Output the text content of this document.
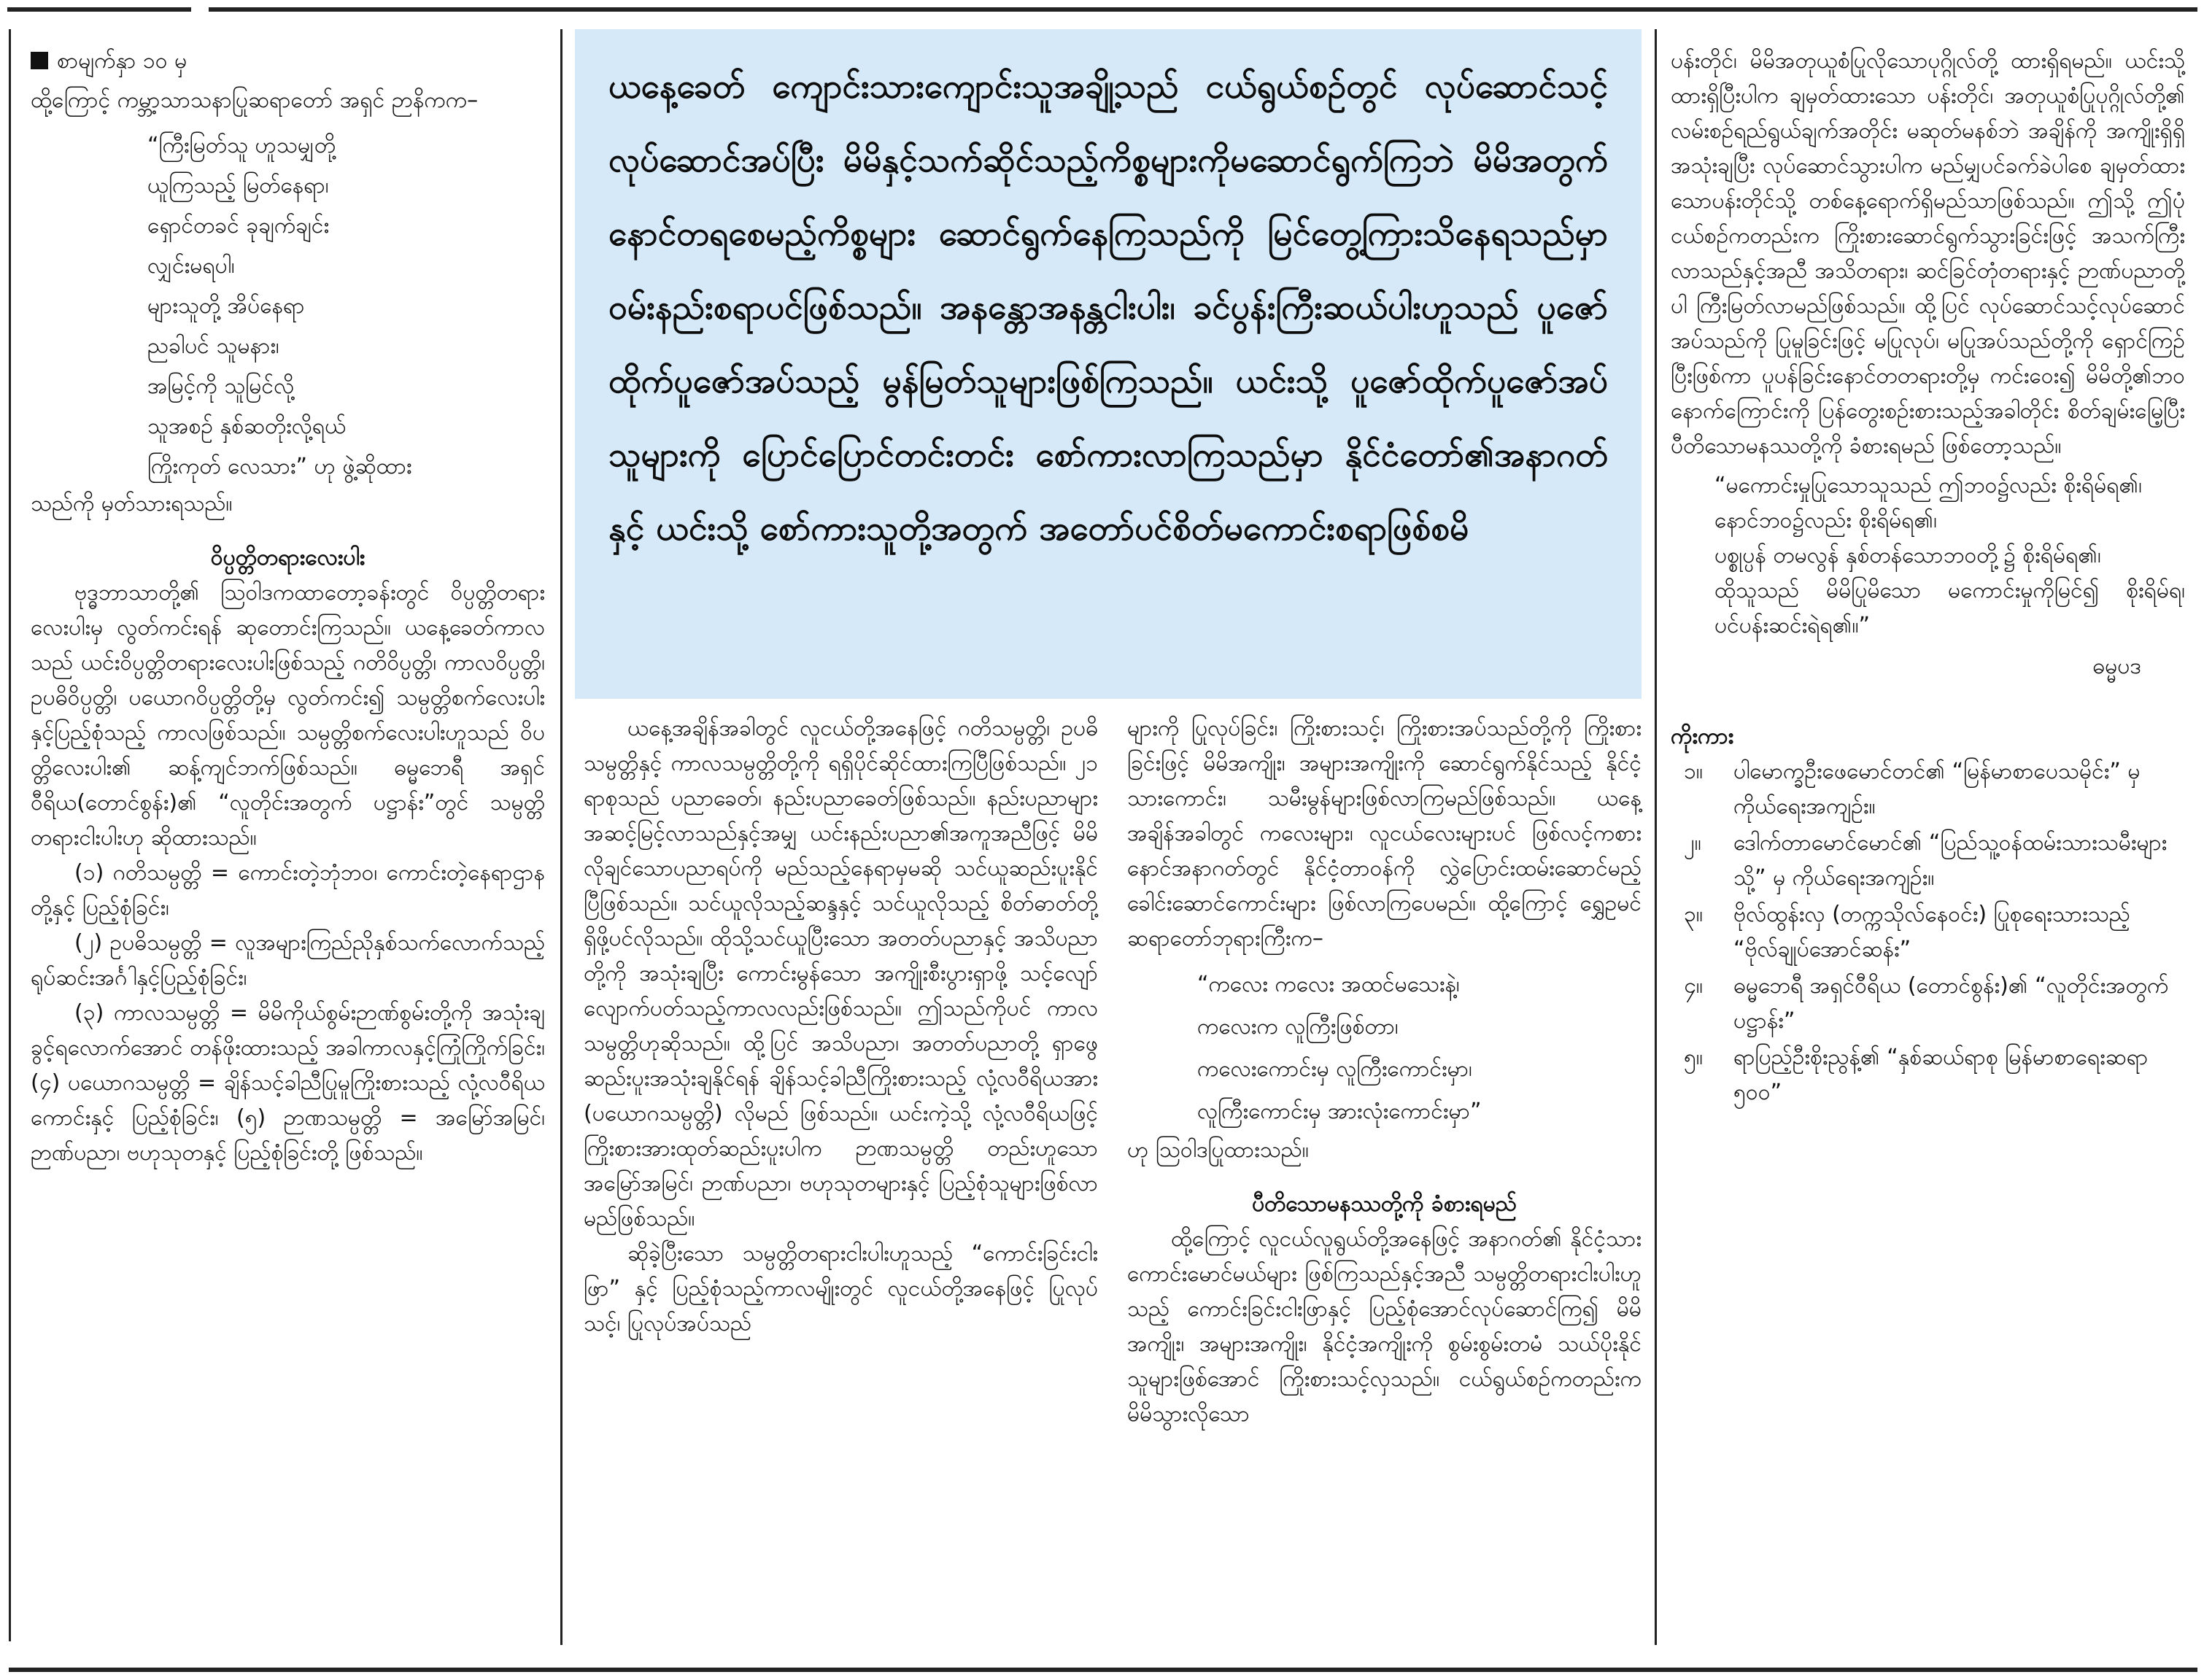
စာမျက်နှာ ၁၀ မှ

ထို့ကြောင့် ကမ္ဘာ့သာသနာပြုဆရာတော် အရှင် ဉာနိကက–

“ကြီးမြတ်သူ ဟူသမျှတို့

ယူကြသည့် မြတ်နေရာ၊

ရှောင်တခင် ခုချက်ချင်း

လျှင်းမရပါ၊

များသူတို့ အိပ်နေရာ

ညခါပင် သူမနား၊

အမြင့်ကို သူမြင်လို့

သူအစဉ် နှစ်ဆတိုးလို့ရယ်

ကြိုးကုတ် လေသား” ဟု ဖွဲ့ဆိုထား

သည်ကို မှတ်သားရသည်။

ဝိပ္ပတ္တိတရားလေးပါး

ဗုဒ္ဓဘာသာတို့၏ ဩဝါဒကထာတော့ခန်းတွင် ဝိပ္ပတ္တိတရားလေးပါးမှ လွတ်ကင်းရန် ဆုတောင်းကြသည်။ ယနေ့ခေတ်ကာလသည် ယင်းဝိပ္ပတ္တိတရားလေးပါးဖြစ်သည့် ဂတိဝိပ္ပတ္တိ၊ ကာလဝိပ္ပတ္တိ၊ ဥပဓိဝိပ္ပတ္တိ၊ ပယောဂဝိပ္ပတ္တိတို့မှ လွတ်ကင်း၍ သမ္ပတ္တိစက်လေးပါးနှင့်ပြည့်စုံသည့် ကာလဖြစ်သည်။ သမ္ပတ္တိစက်လေးပါးဟူသည် ဝိပတ္တိလေးပါး၏ ဆန့်ကျင်ဘက်ဖြစ်သည်။ ဓမ္မဘေရီ အရှင်ဝီရိယ(တောင်စွန်း)၏ “လူတိုင်းအတွက် ပဋ္ဌာန်း”တွင် သမ္ပတ္တိတရားငါးပါးဟု ဆိုထားသည်။

(၁) ဂတိသမ္ပတ္တိ = ကောင်းတဲ့ဘုံဘဝ၊ ကောင်းတဲ့နေရာဌာနတို့နှင့် ပြည့်စုံခြင်း၊

(၂) ဥပဓိသမ္ပတ္တိ = လူအများကြည်ညိုနှစ်သက်လောက်သည့် ရုပ်ဆင်းအင်္ဂါနှင့်ပြည့်စုံခြင်း၊

(၃) ကာလသမ္ပတ္တိ = မိမိကိုယ်စွမ်းဉာဏ်စွမ်းတို့ကို အသုံးချခွင့်ရလောက်အောင် တန်ဖိုးထားသည့် အခါကာလနှင့်ကြုံကြိုက်ခြင်း၊ (၄) ပယောဂသမ္ပတ္တိ = ချိန်သင့်ခါညီပြုမူကြိုးစားသည့် လုံ့လဝီရိယ ကောင်းနှင့် ပြည့်စုံခြင်း၊ (၅) ဉာဏသမ္ပတ္တိ = အမြော်အမြင်၊ ဉာဏ်ပညာ၊ ဗဟုသုတနှင့် ပြည့်စုံခြင်းတို့ ဖြစ်သည်။

ယနေ့ခေတ် ကျောင်းသားကျောင်းသူအချို့သည် ငယ်ရွယ်စဉ်တွင် လုပ်ဆောင်သင့်လုပ်ဆောင်အပ်ပြီး မိမိနှင့်သက်ဆိုင်သည့်ကိစ္စများကိုမဆောင်ရွက်ကြဘဲ မိမိအတွက် နောင်တရစေမည့်ကိစ္စများ ဆောင်ရွက်နေကြသည်ကို မြင်တွေ့ကြားသိနေရသည်မှာ ဝမ်းနည်းစရာပင်ဖြစ်သည်။ အနန္တောအနန္တငါးပါး၊ ခင်ပွန်းကြီးဆယ်ပါးဟူသည် ပူဇော်ထိုက်ပူဇော်အပ်သည့် မွန်မြတ်သူများဖြစ်ကြသည်။ ယင်းသို့ ပူဇော်ထိုက်ပူဇော်အပ်သူများကို ပြောင်ပြောင်တင်းတင်း စော်ကားလာကြသည်မှာ နိုင်ငံတော်၏အနာဂတ်နှင့် ယင်းသို့ စော်ကားသူတို့အတွက် အတော်ပင်စိတ်မကောင်းစရာဖြစ်စမိ

ယနေ့အချိန်အခါတွင် လူငယ်တို့အနေဖြင့် ဂတိသမ္ပတ္တိ၊ ဥပဓိသမ္ပတ္တိနှင့် ကာလသမ္ပတ္တိတို့ကို ရရှိပိုင်ဆိုင်ထားကြပြီဖြစ်သည်။ ၂၁ ရာစုသည် ပညာခေတ်၊ နည်းပညာခေတ်ဖြစ်သည်။ နည်းပညာများ အဆင့်မြင့်လာသည်နှင့်အမျှ ယင်းနည်းပညာ၏အကူအညီဖြင့် မိမိလိုချင်သောပညာရပ်ကို မည်သည့်နေရာမှမဆို သင်ယူဆည်းပူးနိုင်ပြီဖြစ်သည်။ သင်ယူလိုသည့်ဆန္ဒနှင့် သင်ယူလိုသည့် စိတ်ဓာတ်တို့ရှိဖို့ပင်လိုသည်။ ထိုသို့သင်ယူပြီးသော အတတ်ပညာနှင့် အသိပညာတို့ကို အသုံးချပြီး ကောင်းမွန်သော အကျိုးစီးပွားရှာဖို့ သင့်လျော်လျောက်ပတ်သည့်ကာလလည်းဖြစ်သည်။ ဤသည်ကိုပင် ကာလသမ္ပတ္တိဟုဆိုသည်။ ထို့ပြင် အသိပညာ၊ အတတ်ပညာတို့ ရှာဖွေဆည်းပူးအသုံးချနိုင်ရန် ချိန်သင့်ခါညီကြိုးစားသည့် လုံ့လဝီရိယအား (ပယောဂသမ္ပတ္တိ) လိုမည် ဖြစ်သည်။ ယင်းကဲ့သို့ လုံ့လဝီရိယဖြင့် ကြိုးစားအားထုတ်ဆည်းပူးပါက ဉာဏသမ္ပတ္တိ တည်းဟူသော အမြော်အမြင်၊ ဉာဏ်ပညာ၊ ဗဟုသုတများနှင့် ပြည့်စုံသူများဖြစ်လာမည်ဖြစ်သည်။

ဆိုခဲ့ပြီးသော သမ္ပတ္တိတရားငါးပါးဟူသည့် “ကောင်းခြင်းငါးဖြာ” နှင့် ပြည့်စုံသည့်ကာလမျိုးတွင် လူငယ်တို့အနေဖြင့် ပြုလုပ်သင့်၊ ပြုလုပ်အပ်သည်

များကို ပြုလုပ်ခြင်း၊ ကြိုးစားသင့်၊ ကြိုးစားအပ်သည်တို့ကို ကြိုးစားခြင်းဖြင့် မိမိအကျိုး၊ အများအကျိုးကို ဆောင်ရွက်နိုင်သည့် နိုင်ငံ့သားကောင်း၊ သမီးမွန်များဖြစ်လာကြမည်ဖြစ်သည်။ ယနေ့အချိန်အခါတွင် ကလေးများ၊ လူငယ်လေးများပင် ဖြစ်လင့်ကစား နောင်အနာဂတ်တွင် နိုင်ငံ့တာဝန်ကို လွှဲပြောင်းထမ်းဆောင်မည့် ခေါင်းဆောင်ကောင်းများ ဖြစ်လာကြပေမည်။ ထို့ကြောင့် ရွှေဥမင်ဆရာတော်ဘုရားကြီးက–

“ကလေး ကလေး အထင်မသေးနဲ့၊

ကလေးက လူကြီးဖြစ်တာ၊

ကလေးကောင်းမှ လူကြီးကောင်းမှာ၊

လူကြီးကောင်းမှ အားလုံးကောင်းမှာ”

ဟု ဩဝါဒပြုထားသည်။

ပီတိသောမနဿတို့ကို ခံစားရမည်

ထို့ကြောင့် လူငယ်လူရွယ်တို့အနေဖြင့် အနာဂတ်၏ နိုင်ငံ့သားကောင်းမောင်မယ်များ ဖြစ်ကြသည်နှင့်အညီ သမ္ပတ္တိတရားငါးပါးဟူသည့် ကောင်းခြင်းငါးဖြာနှင့် ပြည့်စုံအောင်လုပ်ဆောင်ကြ၍ မိမိအကျိုး၊ အများအကျိုး၊ နိုင်ငံ့အကျိုးကို စွမ်းစွမ်းတမံ သယ်ပိုးနိုင်သူများဖြစ်အောင် ကြိုးစားသင့်လှသည်။ ငယ်ရွယ်စဉ်ကတည်းက မိမိသွားလိုသော

ပန်းတိုင်၊ မိမိအတုယူစံပြုလိုသောပုဂ္ဂိုလ်တို့ ထားရှိရမည်။ ယင်းသို့ထားရှိပြီးပါက ချမှတ်ထားသော ပန်းတိုင်၊ အတုယူစံပြုပုဂ္ဂိုလ်တို့၏ လမ်းစဉ်ရည်ရွယ်ချက်အတိုင်း မဆုတ်မနစ်ဘဲ အချိန်ကို အကျိုးရှိရှိအသုံးချပြီး လုပ်ဆောင်သွားပါက မည်မျှပင်ခက်ခဲပါစေ ချမှတ်ထားသောပန်းတိုင်သို့ တစ်နေ့ရောက်ရှိမည်သာဖြစ်သည်။ ဤသို့ ဤပုံ ငယ်စဉ်ကတည်းက ကြိုးစားဆောင်ရွက်သွားခြင်းဖြင့် အသက်ကြီးလာသည်နှင့်အညီ အသိတရား၊ ဆင်ခြင်တုံတရားနှင့် ဉာဏ်ပညာတို့ပါ ကြီးမြတ်လာမည်ဖြစ်သည်။ ထို့ပြင် လုပ်ဆောင်သင့်လုပ်ဆောင်အပ်သည်ကို ပြုမူခြင်းဖြင့် မပြုလုပ်၊ မပြုအပ်သည်တို့ကို ရှောင်ကြဉ်ပြီးဖြစ်ကာ ပူပန်ခြင်းနောင်တတရားတို့မှ ကင်းဝေး၍ မိမိတို့၏ဘဝနောက်ကြောင်းကို ပြန်တွေးစဉ်းစားသည့်အခါတိုင်း စိတ်ချမ်းမြေ့ပြီး ပီတိသောမနဿတို့ကို ခံစားရမည် ဖြစ်တော့သည်။

“မကောင်းမှုပြုသောသူသည် ဤဘဝ၌လည်း စိုးရိမ်ရ၏၊

နောင်ဘဝ၌လည်း စိုးရိမ်ရ၏၊

ပစ္စုပ္ပန် တမလွန် နှစ်တန်သောဘဝတို့၌ စိုးရိမ်ရ၏၊

ထိုသူသည် မိမိပြုမိသော မကောင်းမှုကိုမြင်၍ စိုးရိမ်ရ၊ ပင်ပန်းဆင်းရဲရ၏။”

ဓမ္မပဒ

ကိုးကား

၁။ ပါမောက္ခဦးဖေမောင်တင်၏ “မြန်မာစာပေသမိုင်း” မှ ကိုယ်ရေးအကျဉ်း။
၂။ ဒေါက်တာမောင်မောင်၏ “ပြည်သူ့ဝန်ထမ်းသားသမီးများသို့” မှ ကိုယ်ရေးအကျဉ်း။
၃။ ဗိုလ်ထွန်းလှ (တက္ကသိုလ်နေဝင်း) ပြုစုရေးသားသည့် “ဗိုလ်ချုပ်အောင်ဆန်း”
၄။ ဓမ္မဘေရီ အရှင်ဝီရိယ (တောင်စွန်း)၏ “လူတိုင်းအတွက် ပဋ္ဌာန်း”
၅။ ရာပြည့်ဦးစိုးညွန့်၏ “နှစ်ဆယ်ရာစု မြန်မာစာရေးဆရာ ၅၀၀”
